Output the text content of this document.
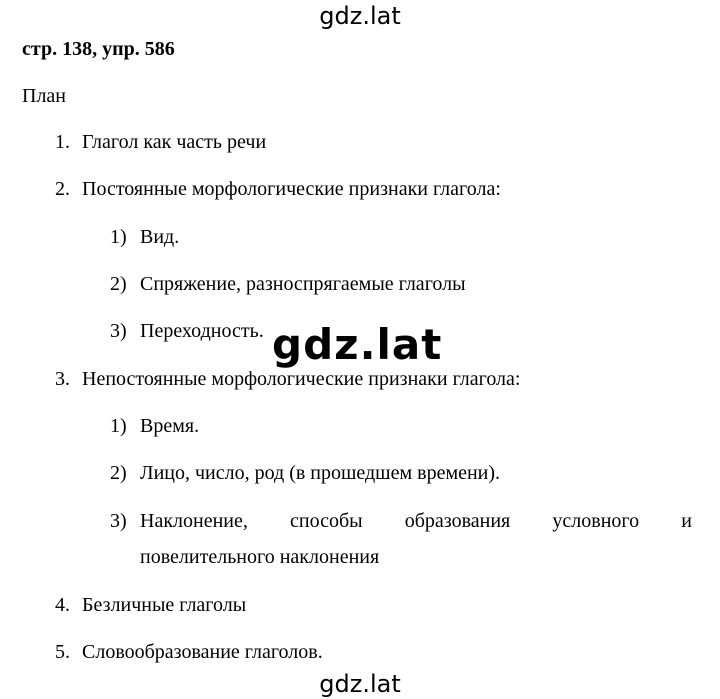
gdz.lat
стр. 138, упр. 586
План
1. Глагол как часть речи
2. Постоянные морфологические признаки глагола:
1) Вид.
2) Спряжение, разноспрягаемые глаголы
3) Переходность.
3. Непостоянные морфологические признаки глагола:
1) Время.
2) Лицо, число, род (в прошедшем времени).
3) Наклонение, способы образования условного и
повелительного наклонения
4. Безличные глаголы
5. Словообразование глаголов.
gdz.lat
gdz.lat
